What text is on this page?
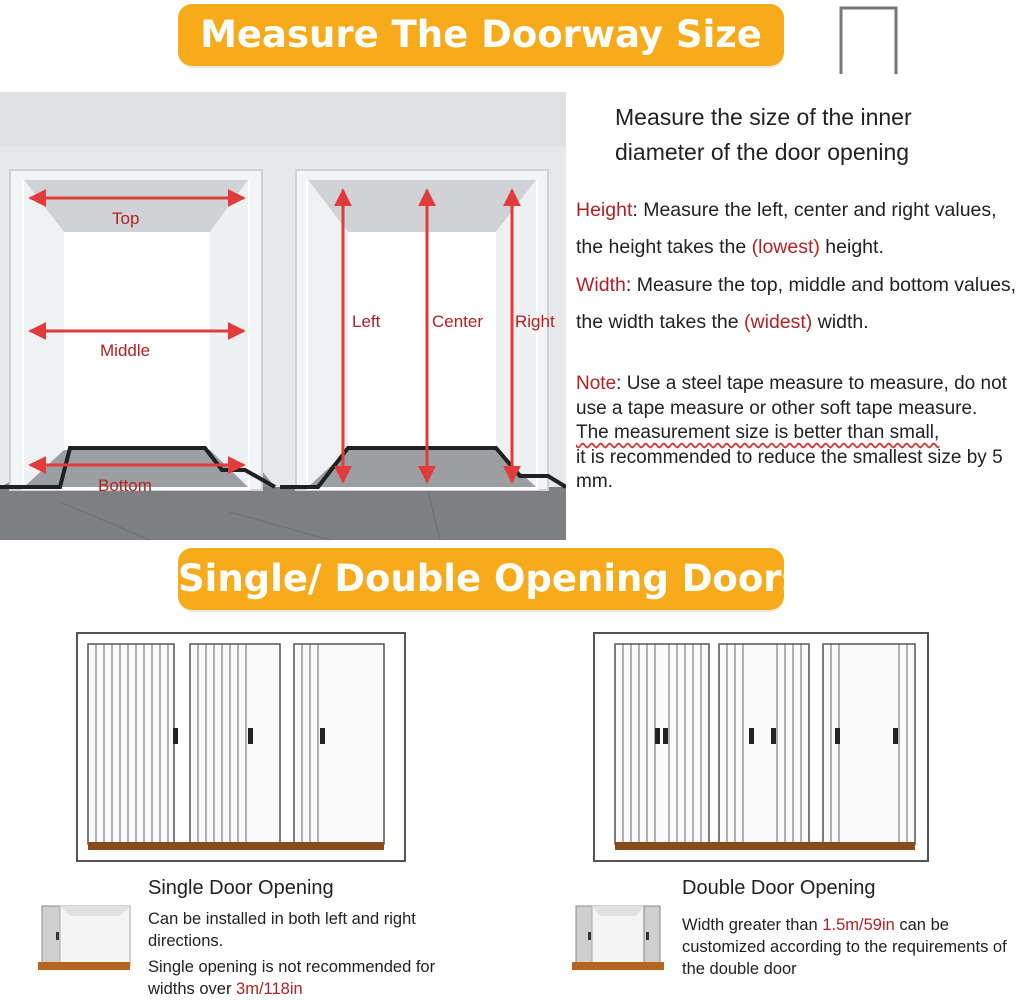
Measure The Doorway Size
Top
Middle
Bottom
Left	Center Right
Measure the size of the inner
diameter of the door opening
Height: Measure the left, center and right values, the height takes the (lowest) height.
Width: Measure the top, middle and bottom values, the width takes the (widest) width.
Note: Use a steel tape measure to measure, do not use a tape measure or other soft tape measure.
The measurement size is better than small,
it is recommended to reduce the smallest size by 5 mm.
Single/ Double Opening Doors
Single Door Opening
Can be installed in both left and right directions.
Single opening is not recommended for widths over 3m/118in
Double Door Opening
Width greater than 1.5m/59in can be customized according to the requirements of the double door
